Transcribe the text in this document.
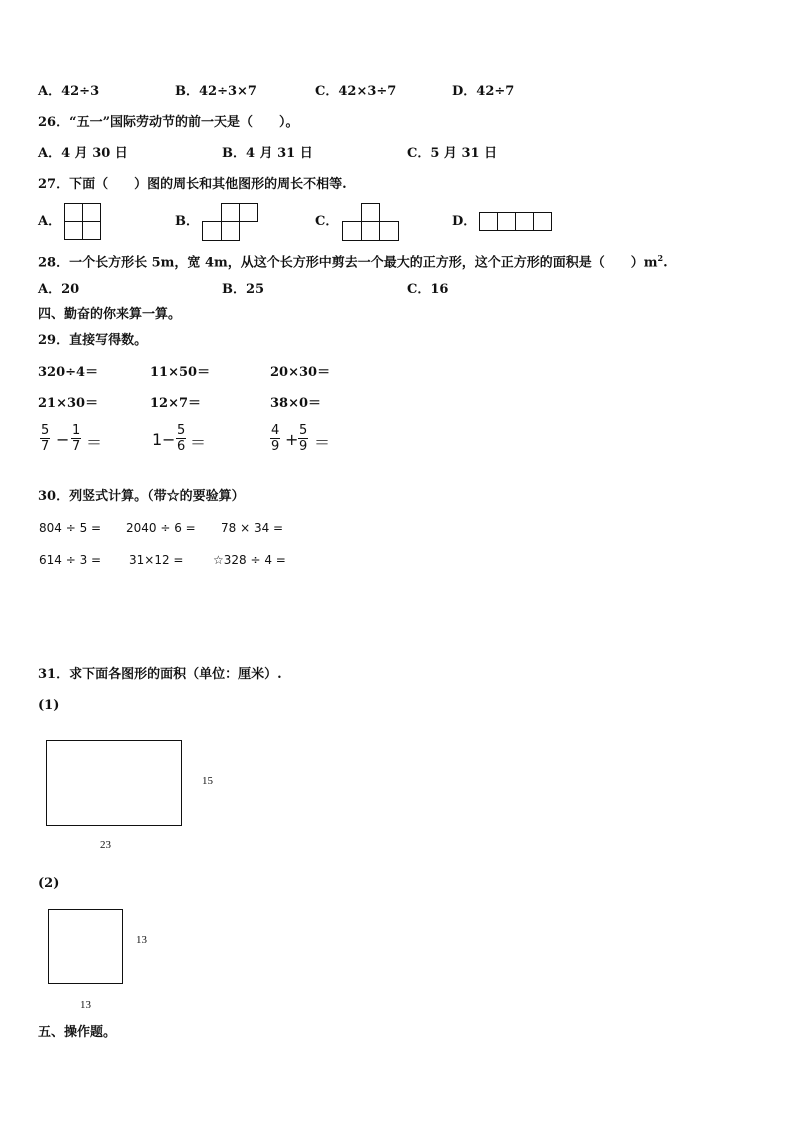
A．42÷3	B．42÷3×7	C．42×3÷7	D．42÷7
26．“五一”国际劳动节的前一天是（　　）。
A．4 月 30 日	B．4 月 31 日	C．5 月 31 日
27．下面（　　）图的周长和其他图形的周长不相等.
A．	B．	C．	D．
28．一个长方形长 5m，宽 4m，从这个长方形中剪去一个最大的正方形，这个正方形的面积是（　　）$m^2$.
A．20	B．25	C．16
四、勤奋的你来算一算。
29．直接写得数。
320÷4＝	11×50＝	20×30＝
21×30＝	12×7＝	38×0＝
$\frac{5}{7} - \frac{1}{7}$ ＝	$1 - \frac{5}{6}$ ＝	$\frac{4}{9} + \frac{5}{9}$ ＝
30．列竖式计算。（带☆的要验算）
804 ÷ 5 = 2040 ÷ 6 = 78 × 34 =
614 ÷ 3 = 31×12 = ☆328 ÷ 4 =
31．求下面各图形的面积（单位：厘米）.
(1)
15
23
(2)
13
13
五、操作题。
